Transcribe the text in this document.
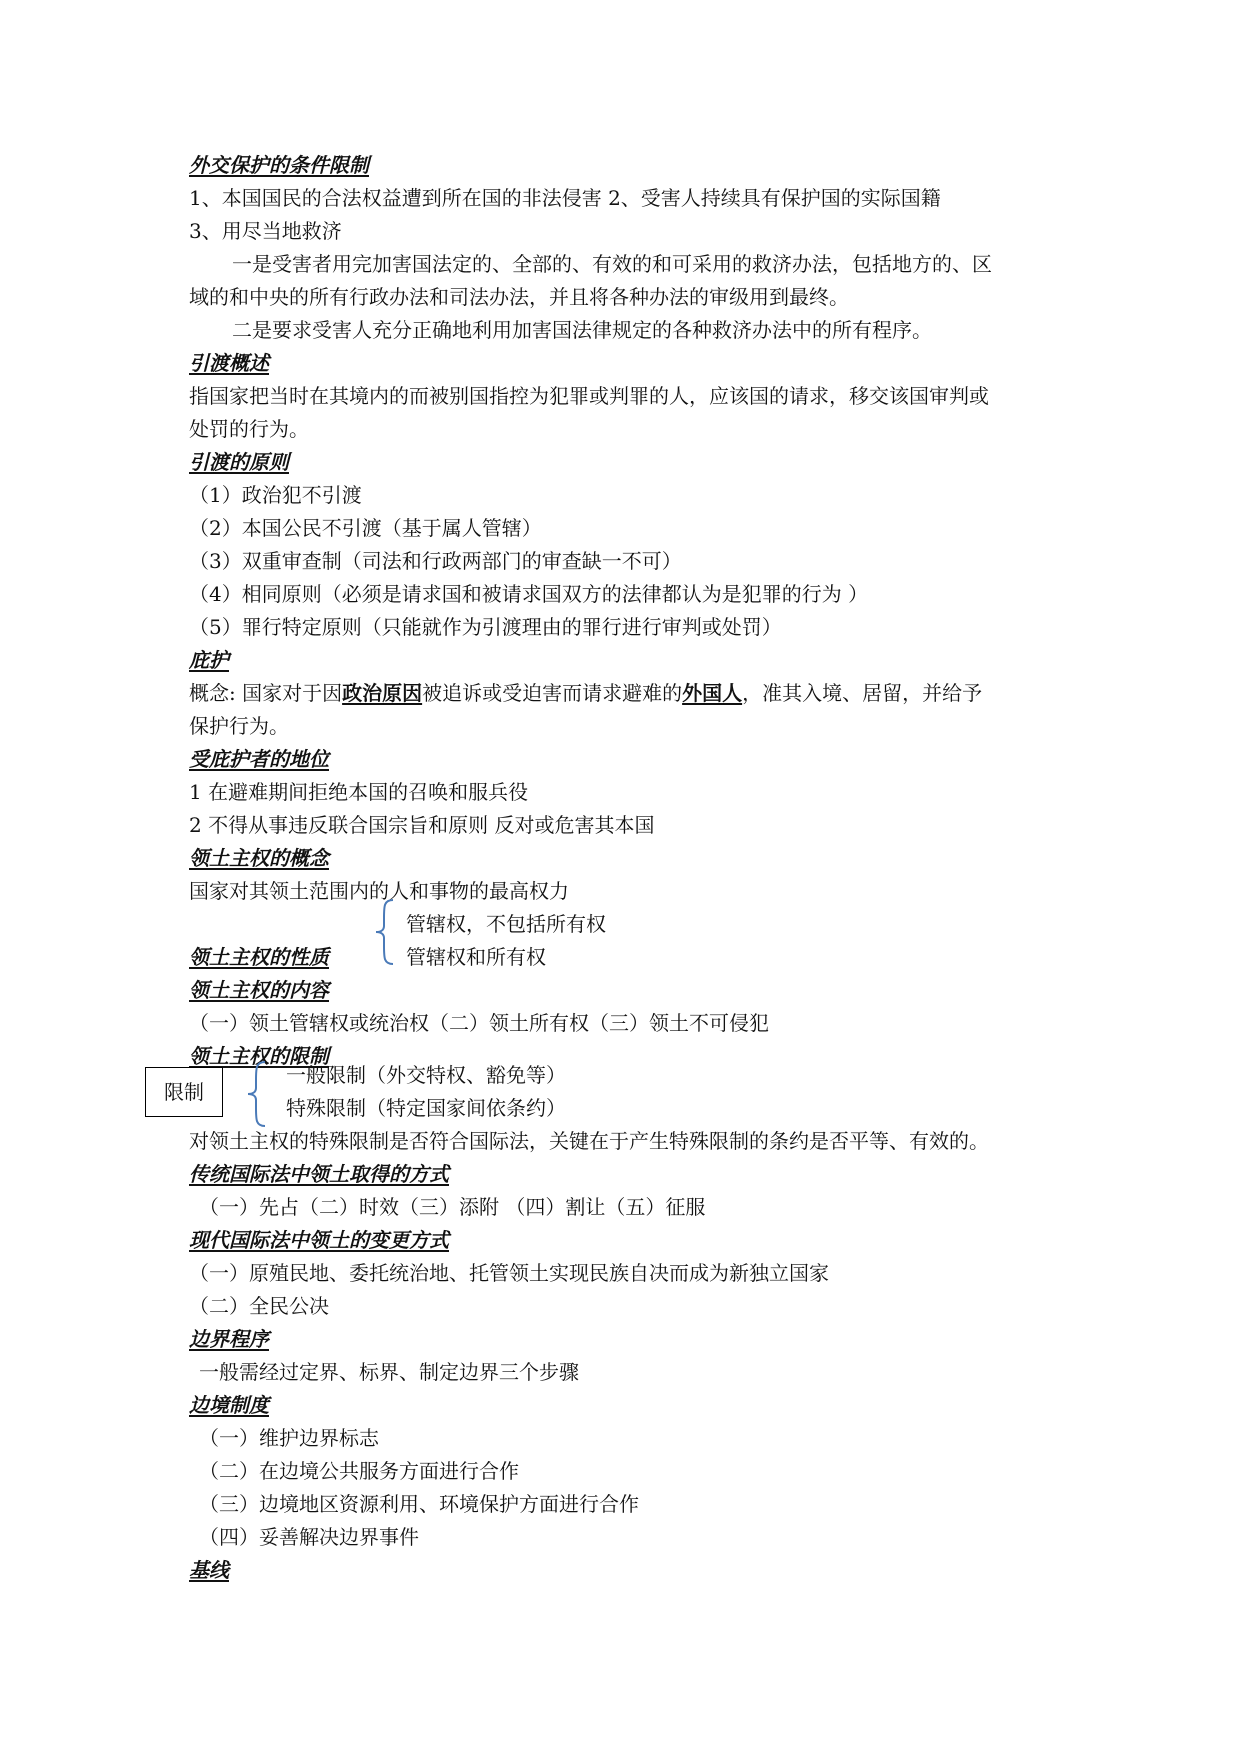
外交保护的条件限制
1、本国国民的合法权益遭到所在国的非法侵害 2、受害人持续具有保护国的实际国籍
3、用尽当地救济
一是受害者用完加害国法定的、全部的、有效的和可采用的救济办法，包括地方的、区
域的和中央的所有行政办法和司法办法，并且将各种办法的审级用到最终。
二是要求受害人充分正确地利用加害国法律规定的各种救济办法中的所有程序。
引渡概述
指国家把当时在其境内的而被别国指控为犯罪或判罪的人，应该国的请求，移交该国审判或
处罚的行为。
引渡的原则
（1）政治犯不引渡
（2）本国公民不引渡（基于属人管辖）
（3）双重审查制（司法和行政两部门的审查缺一不可）
（4）相同原则（必须是请求国和被请求国双方的法律都认为是犯罪的行为 ）
（5）罪行特定原则（只能就作为引渡理由的罪行进行审判或处罚）
庇护
概念: 国家对于因政治原因被追诉或受迫害而请求避难的外国人，准其入境、居留，并给予
保护行为。
受庇护者的地位
1 在避难期间拒绝本国的召唤和服兵役
2 不得从事违反联合国宗旨和原则 反对或危害其本国
领土主权的概念
国家对其领土范围内的人和事物的最高权力
管辖权，不包括所有权
领土主权的性质	管辖权和所有权
领土主权的内容
（一）领土管辖权或统治权（二）领土所有权（三）领土不可侵犯
领土主权的限制
限制
一般限制（外交特权、豁免等）
特殊限制（特定国家间依条约）
对领土主权的特殊限制是否符合国际法，关键在于产生特殊限制的条约是否平等、有效的。
传统国际法中领土取得的方式
（一）先占（二）时效（三）添附 （四）割让（五）征服
现代国际法中领土的变更方式
（一）原殖民地、委托统治地、托管领土实现民族自决而成为新独立国家
（二）全民公决
边界程序
一般需经过定界、标界、制定边界三个步骤
边境制度
（一）维护边界标志
（二）在边境公共服务方面进行合作
（三）边境地区资源利用、环境保护方面进行合作
（四）妥善解决边界事件
基线
